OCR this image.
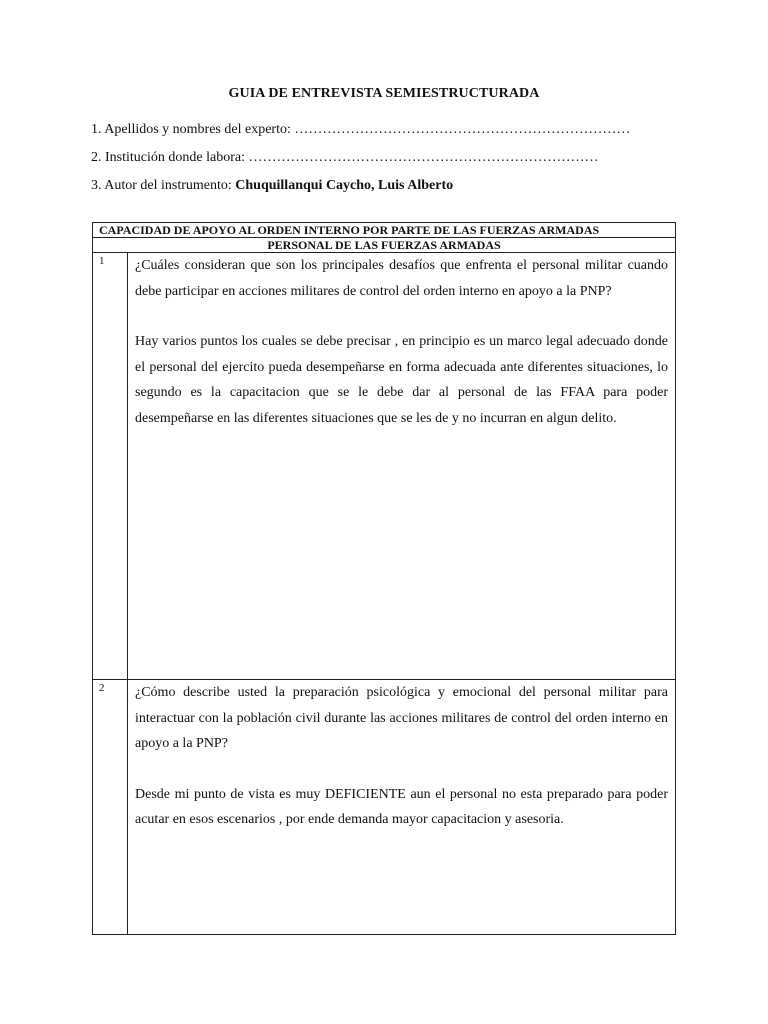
GUIA DE ENTREVISTA SEMIESTRUCTURADA
1. Apellidos y nombres del experto: ………………………………………………………………
2. Institución donde labora: …………………………………………………………………
3. Autor del instrumento: Chuquillanqui Caycho, Luis Alberto
CAPACIDAD DE APOYO AL ORDEN INTERNO POR PARTE DE LAS FUERZAS ARMADAS	
PERSONAL DE LAS FUERZAS ARMADAS	
1	¿Cuáles consideran que son los principales desafíos que enfrenta el personal militar cuando debe participar en acciones militares de control del orden interno en apoyo a la PNP?

Hay varios puntos los cuales se debe precisar , en principio es un marco legal adecuado donde el personal del ejercito pueda desempeñarse en forma adecuada ante diferentes situaciones, lo segundo es la capacitacion que se le debe dar al personal de las FFAA para poder desempeñarse en las diferentes situaciones que se les de y no incurran en algun delito.

2	¿Cómo describe usted la preparación psicológica y emocional del personal militar para interactuar con la población civil durante las acciones militares de control del orden interno en apoyo a la PNP?

Desde mi punto de vista es muy DEFICIENTE aun el personal no esta preparado para poder acutar en esos escenarios , por ende demanda mayor capacitacion y asesoria.
